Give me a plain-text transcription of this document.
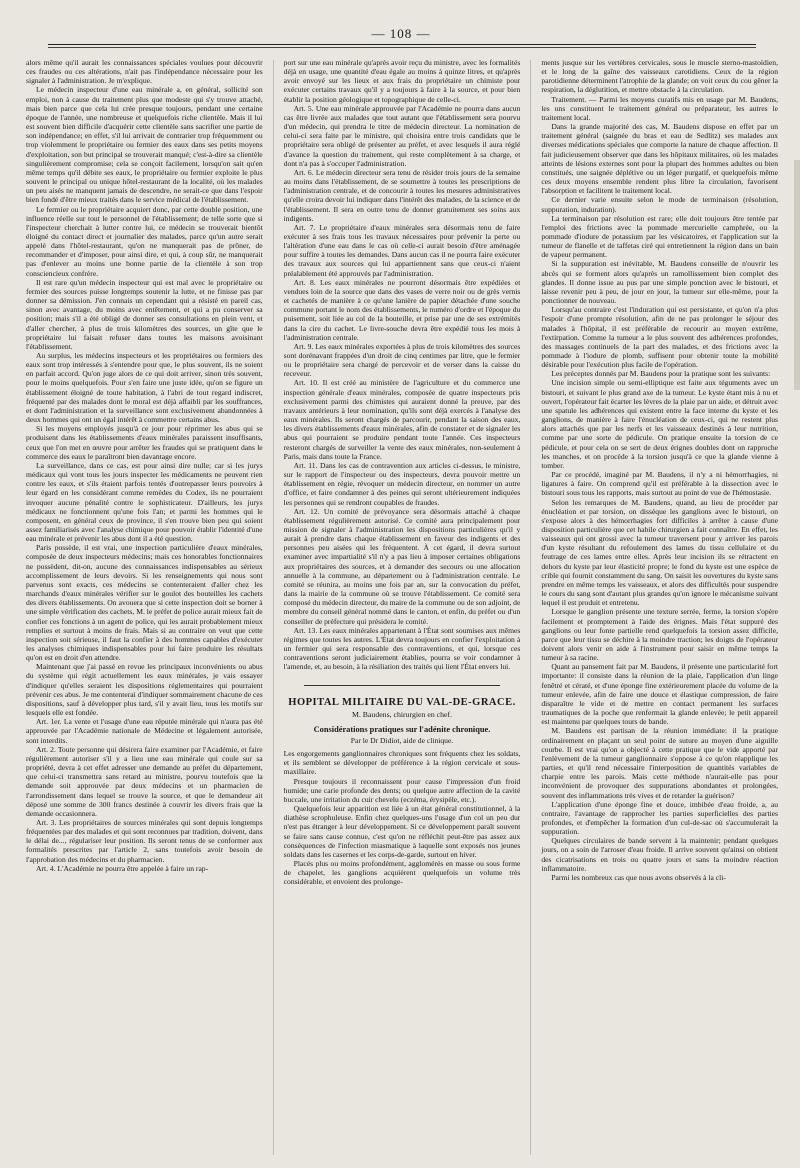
— 108 —

alors même qu'il aurait les connaissances spéciales voulues pour découvrir ces fraudes ou ces altérations, n'ait pas l'indépendance nécessaire pour les signaler à l'administration. Je m'explique.

Le médecin inspecteur d'une eau minérale a, en général, sollicité son emploi, non à cause du traitement plus que modeste qui s'y trouve attaché, mais bien parce que cela lui crée presque toujours, pendant une certaine époque de l'année, une nombreuse et quelquefois riche clientèle. Mais il lui est souvent bien difficile d'acquérir cette clientèle sans sacrifier une partie de son indépendance; en effet, s'il lui arrivait de contrarier trop fréquemment ou trop violemment le propriétaire ou fermier des eaux dans ses petits moyens d'exploitation, son but principal se trouverait manqué; c'est-à-dire sa clientèle singulièrement compromise; cela se conçoit facilement, lorsqu'on sait qu'en même temps qu'il débite ses eaux, le propriétaire ou fermier exploite le plus souvent le principal ou unique hôtel-restaurant de la localité, où les malades un peu aisés ne manquent jamais de descendre, ne serait-ce que dans l'espoir bien fondé d'être mieux traités dans le service médical de l'établissement.

Le fermier ou le propriétaire acquiert donc, par cette double position, une influence réelle sur tout le personnel de l'établissement; de telle sorte que si l'inspecteur cherchait à lutter contre lui, ce médecin se trouverait bientôt éloigné du contact direct et journalier des malades, parce qu'un autre serait appelé dans l'hôtel-restaurant, qu'on ne manquerait pas de prôner, de recommander et d'imposer, pour ainsi dire, et qui, à coup sûr, ne manquerait pas d'enlever au moins une bonne partie de la clientèle à son trop consciencieux confrère.

Il est rare qu'un médecin inspecteur qui est mal avec le propriétaire ou fermier des sources puisse longtemps soutenir la lutte, et ne finisse pas par donner sa démission. J'en connais un cependant qui a résisté en pareil cas, sinon avec avantage, du moins avec entêtement, et qui a pu conserver sa position; mais s'il a été obligé de donner ses consultations en plein vent, et d'aller chercher, à plus de trois kilomètres des sources, un gîte que le propriétaire lui faisait refuser dans toutes les maisons avoisinant l'établissement.

Au surplus, les médecins inspecteurs et les propriétaires ou fermiers des eaux sont trop intéressés à s'entendre pour que, le plus souvent, ils ne soient en parfait accord. Qu'on juge alors de ce qui doit arriver, sinon très souvent, pour le moins quelquefois. Pour s'en faire une juste idée, qu'on se figure un établissement éloigné de toute habitation, à l'abri de tout regard indiscret, fréquenté par des malades dont le moral est déjà affaibli par les souffrances, et dont l'administration et la surveillance sont exclusivement abandonnées à deux hommes qui ont un égal intérêt à commettre certains abus.

Si les moyens employés jusqu'à ce jour pour réprimer les abus qui se produisent dans les établissements d'eaux minérales paraissent insuffisants, ceux que l'on met en œuvre pour arrêter les fraudes qui se pratiquent dans le commerce des eaux le paraîtront bien davantage encore.

La surveillance, dans ce cas, est pour ainsi dire nulle; car si les jurys médicaux qui vont tous les jours inspecter les médicaments ne peuvent rien contre les eaux, et s'ils étaient parfois tentés d'outrepasser leurs pouvoirs à leur égard en les considérant comme remèdes du Codex, ils ne pourraient invoquer aucune pénalité contre le sophisticateur. D'ailleurs, les jurys médicaux ne fonctionnent qu'une fois l'an; et parmi les hommes qui le composent, en général ceux de province, il s'en trouve bien peu qui soient assez familiarisés avec l'analyse chimique pour pouvoir établir l'identité d'une eau minérale et prévenir les abus dont il a été question.

Paris possède, il est vrai, une inspection particulière d'eaux minérales, composée de deux inspecteurs médecins; mais ces honorables fonctionnaires ne possèdent, dit-on, aucune des connaissances indispensables au sérieux accomplissement de leurs devoirs. Si les renseignements qui nous sont parvenus sont exacts, ces médecins se contenteraient d'aller chez les marchands d'eaux minérales vérifier sur le goulot des bouteilles les cachets des divers établissements. On avouera que si cette inspection doit se borner à une simple vérification des cachets, M. le préfet de police aurait mieux fait de confier ces fonctions à un agent de police, qui les aurait probablement mieux remplies et surtout à moins de frais. Mais si au contraire on veut que cette inspection soit sérieuse, il faut la confier à des hommes capables d'exécuter les analyses chimiques indispensables pour lui faire produire les résultats qu'on est en droit d'en attendre.

Maintenant que j'ai passé en revue les principaux inconvénients ou abus du système qui régit actuellement les eaux minérales, je vais essayer d'indiquer qu'elles seraient les dispositions réglementaires qui pourraient prévenir ces abus. Je me contenterai d'indiquer sommairement chacune de ces dispositions, sauf à développer plus tard, s'il y avait lieu, tous les motifs sur lesquels elle est fondée.

Art. 1er. La vente et l'usage d'une eau réputée minérale qui n'aura pas été approuvée par l'Académie nationale de Médecine et légalement autorisée, sont interdits.

Art. 2. Toute personne qui désirera faire examiner par l'Académie, et faire régulièrement autoriser s'il y a lieu une eau minérale qui coule sur sa propriété, devra à cet effet adresser une demande au préfet du département, que celui-ci transmettra sans retard au ministre, pourvu toutefois que la demande soit approuvée par deux médecins et un pharmacien de l'arrondissement dans lequel se trouve la source, et que le demandeur ait déposé une somme de 300 francs destinée à couvrir les divers frais que la demande occasionnera.

Art. 3. Les propriétaires de sources minérales qui sont depuis longtemps fréquentées par des malades et qui sont reconnues par tradition, doivent, dans le délai de..., régulariser leur position. Ils seront tenus de se conformer aux formalités prescrites par l'article 2, sans toutefois avoir besoin de l'approbation des médecins et du pharmacien.

Art. 4. L'Académie ne pourra être appelée à faire un rap-

port sur une eau minérale qu'après avoir reçu du ministre, avec les formalités déjà en usage, une quantité d'eau égale au moins à quinze litres, et qu'après avoir envoyé sur les lieux et aux frais du propriétaire un chimiste pour exécuter certains travaux qu'il y a toujours à faire à la source, et pour bien établir la position géologique et topographique de celle-ci.

Art. 5. Une eau minérale approuvée par l'Académie ne pourra dans aucun cas être livrée aux malades que tout autant que l'établissement sera pourvu d'un médecin, qui prendra le titre de médecin directeur. La nomination de celui-ci sera faite par le ministre, qui choisira entre trois candidats que le propriétaire sera obligé de présenter au préfet, et avec lesquels il aura réglé d'avance la question du traitement, qui reste complètement à sa charge, et dont n'a pas à s'occuper l'administration.

Art. 6. Le médecin directeur sera tenu de résider trois jours de la semaine au moins dans l'établissement, de se soumettre à toutes les prescriptions de l'administration centrale, et de concourir à toutes les mesures administratives qu'elle croira devoir lui indiquer dans l'intérêt des malades, de la science et de l'établissement. Il sera en outre tenu de donner gratuitement ses soins aux indigents.

Art. 7. Le propriétaire d'eaux minérales sera désormais tenu de faire exécuter à ses frais tous les travaux nécessaires pour prévenir la perte ou l'altération d'une eau dans le cas où celle-ci aurait besoin d'être aménagée pour suffire à toutes les demandes. Dans aucun cas il ne pourra faire exécuter des travaux aux sources qui lui appartiennent sans que ceux-ci n'aient préalablement été approuvés par l'administration.

Art. 8. Les eaux minérales ne pourront désormais être expédiées et vendues loin de la source que dans des vases de verre noir ou de grès vernis et cachetés de manière à ce qu'une lanière de papier détachée d'une souche commune portant le nom des établissements, le numéro d'ordre et l'époque du puisement, soit liée au col de la bouteille, et prise par une de ses extrémités dans la cire du cachet. Le livre-souche devra être expédié tous les mois à l'administration centrale.

Art. 9. Les eaux minérales exportées à plus de trois kilomètres des sources sont dorénavant frappées d'un droit de cinq centimes par litre, que le fermier ou le propriétaire sera chargé de percevoir et de verser dans la caisse du receveur.

Art. 10. Il est créé au ministère de l'agriculture et du commerce une inspection générale d'eaux minérales, composée de quatre inspecteurs pris exclusivement parmi des chimistes qui auraient donné la preuve, par des travaux antérieurs à leur nomination, qu'ils sont déjà exercés à l'analyse des eaux minérales. Ils seront chargés de parcourir, pendant la saison des eaux, les divers établissements d'eaux minérales, afin de constater et de signaler les abus qui pourraient se produire pendant toute l'année. Ces inspecteurs resteront chargés de surveiller la vente des eaux minérales, non-seulement à Paris, mais dans toute la France.

Art. 11. Dans les cas de contravention aux articles ci-dessus, le ministre, sur le rapport de l'inspecteur ou des inspecteurs, devra pouvoir mettre un établissement en régie, révoquer un médecin directeur, en nommer un autre d'office, et faire condamner à des peines qui seront ultérieurement indiquées les personnes qui se rendront coupables de fraudes.

Art. 12. Un comité de prévoyance sera désormais attaché à chaque établissement régulièrement autorisé. Ce comité aura principalement pour mission de signaler à l'administration les dispositions particulières qu'il y aurait à prendre dans chaque établissement en faveur des indigents et des personnes peu aisées qui les fréquentent. À cet égard, il devra surtout examiner avec impartialité s'il n'y a pas lieu à imposer certaines obligations aux propriétaires des sources, et à demander des secours ou une allocation annuelle à la commune, au département ou à l'administration centrale. Le comité se réunira, au moins une fois par an, sur la convocation du préfet, dans la mairie de la commune où se trouve l'établissement. Ce comité sera composé du médecin directeur, du maire de la commune ou de son adjoint, de membre du conseil général nommé dans le canton, et enfin, du préfet ou d'un conseiller de préfecture qui présidera le comité.

Art. 13. Les eaux minérales appartenant à l'État sont soumises aux mêmes régimes que toutes les autres. L'État devra toujours en confier l'exploitation à un fermier qui sera responsable des contraventions, et qui, lorsque ces contraventions seront judiciairement établies, pourra se voir condamner à l'amende, et, au besoin, à la résiliation des traités qui lient l'État envers lui.

HOPITAL MILITAIRE DU VAL-DE-GRACE.
M. Baudens, chirurgien en chef.
Considérations pratiques sur l'adénite chronique.
Par le Dr Didiot, aide de clinique.

Les engorgements ganglionnaires chroniques sont fréquents chez les soldats, et ils semblent se développer de préférence à la région cervicale et sous-maxillaire.

Presque toujours il reconnaissent pour cause l'impression d'un froid humide; une carie profonde des dents; ou quelque autre affection de la cavité buccale, une irritation du cuir chevelu (eczéma, érysipèle, etc.).

Quelquefois leur apparition est liée à un état général constitutionnel, à la diathèse scrophuleuse. Enfin chez quelques-uns l'usage d'un col un peu dur n'est pas étranger à leur développement. Si ce développement paraît souvent se faire sans cause connue, c'est qu'on ne réfléchit peut-être pas assez aux conséquences de l'infection miasmatique à laquelle sont exposés nos jeunes soldats dans les casernes et les corps-de-garde, surtout en hiver.

Placés plus ou moins profondément, agglomérés en masse ou sous forme de chapelet, les ganglions acquièrent quelquefois un volume très considérable, et envoient des prolonge-

ments jusque sur les vertèbres cervicales, sous le muscle sterno-mastoïdien, et le long de la gaîne des vaisseaux carotidiens. Ceux de la région parotidienne déterminent l'atrophie de la glande; on voit ceux du cou gêner la respiration, la déglutition, et mettre obstacle à la circulation.

Traitement. — Parmi les moyens curatifs mis en usage par M. Baudens, les uns constituent le traitement général ou préparateur, les autres le traitement local.

Dans la grande majorité des cas, M. Baudens dispose en effet par un traitement général (saignée du bras et eau de Sedlitz) ses malades aux diverses médications spéciales que comporte la nature de chaque affection. Il fait judicieusement observer que dans les hôpitaux militaires, où les malades atteints de lésions externes sont pour la plupart des hommes adultes ou bien constitués, une saignée déplétive ou un léger purgatif, et quelquefois même ces deux moyens ensemble rendent plus libre la circulation, favorisent l'absorption et facilitent le traitement local.

Ce dernier varie ensuite selon le mode de terminaison (résolution, suppuration, induration).

La terminaison par résolution est rare; elle doit toujours être tentée par l'emploi des frictions avec la pommade mercurielle camphrée, ou la pommade d'iodure de potassium par les vésicatoires, et l'application sur la tumeur de flanelle et de taffetas ciré qui entretiennent la région dans un bain de vapeur permanent.

Si la suppuration est inévitable, M. Baudens conseille de n'ouvrir les abcès qui se forment alors qu'après un ramollissement bien complet des glandes. Il donne issue au pus par une simple ponction avec le bistouri, et laisse revenir peu à peu, de jour en jour, la tumeur sur elle-même, pour la ponctionner de nouveau.

Lorsqu'au contraire c'est l'induration qui est persistante, et qu'on n'a plus l'espoir d'une prompte résolution, afin de ne pas prolonger le séjour des malades à l'hôpital, il est préférable de recourir au moyen extrême, l'extirpation. Comme la tumeur a le plus souvent des adhérences profondes, des massages continuels de la part des malades, et des frictions avec la pommade à l'iodure de plomb, suffisent pour obtenir toute la mobilité désirable pour l'exécution plus facile de l'opération.

Les préceptes donnés par M. Baudens pour la pratique sont les suivants:

Une incision simple ou semi-elliptique est faite aux téguments avec un bistouri, et suivant le plus grand axe de la tumeur. Le kyste étant mis à nu et ouvert, l'opérateur fait écarter les lèvres de la plaie par un aide, et détruit avec une spatule les adhérences qui existent entre la face interne du kyste et les ganglions, de manière à faire l'énucléation de ceux-ci, qui ne restent plus alors attachés que par les nerfs et les vaisseaux destinés à leur nutrition, comme par une sorte de pédicule. On pratique ensuite la torsion de ce pédicule, et pour cela on se sert de deux érignes doubles dont on rapproche les manches, et on procède à la torsion jusqu'à ce que la glande vienne à tomber.

Par ce procédé, imaginé par M. Baudens, il n'y a ni hémorrhagies, ni ligatures à faire. On comprend qu'il est préférable à la dissection avec le bistouri sous tous les rapports, mais surtout au point de vue de l'hémostasie.

Selon les remarques de M. Baudens, quand, au lieu de procéder par énucléation et par torsion, on dissèque les ganglions avec le bistouri, on s'expose alors à des hémorrhagies fort difficiles à arrêter à cause d'une disposition particulière que cet habile chirurgien a fait connaître. En effet, les vaisseaux qui ont grossi avec la tumeur traversent pour y arriver les parois d'un kyste résultant du refoulement des lames du tissu cellulaire et du feutrage de ces lames entre elles. Après leur incision ils se rétractent en dehors du kyste par leur élasticité propre; le fond du kyste est une espèce de crible qui fournit constamment du sang. On saisit les ouvertures du kyste sans prendre en même temps les vaisseaux, et alors des difficultés pour suspendre le cours du sang sont d'autant plus grandes qu'on ignore le mécanisme suivant lequel il est produit et entretenu.

Lorsque le ganglion présente une texture serrée, ferme, la torsion s'opère facilement et promptement à l'aide des érignes. Mais l'état suppuré des ganglions ou leur fonte partielle rend quelquefois la torsion assez difficile, parce que leur tissu se déchire à la moindre traction; les doigts de l'opérateur doivent alors venir en aide à l'instrument pour saisir en même temps la tumeur à sa racine.

Quant au pansement fait par M. Baudens, il présente une particularité fort importante: il consiste dans la réunion de la plaie, l'application d'un linge fenêtré et cératé, et d'une éponge fine extérieurement placée du volume de la tumeur enlevée, afin de faire une douce et élastique compression, de faire disparaître le vide et de mettre en contact permanent les surfaces traumatiques de la poche que renfermait la glande enlevée; le petit appareil est maintenu par quelques tours de bande.

M. Baudens est partisan de la réunion immédiate: il la pratique ordinairement en plaçant un seul point de suture au moyen d'une aiguille courbe. Il est vrai qu'on a objecté à cette pratique que le vide apporté par l'enlèvement de la tumeur ganglionnaire s'oppose à ce qu'on réapplique les parties, et qu'il rend nécessaire l'interposition de quantités variables de charpie entre les parois. Mais cette méthode n'aurait-elle pas pour inconvénient de provoquer des suppurations abondantes et prolongées, souvent des inflammations très vives et de retarder la guérison?

L'application d'une éponge fine et douce, imbibée d'eau froide, a, au contraire, l'avantage de rapprocher les parties superficielles des parties profondes, et d'empêcher la formation d'un cul-de-sac où s'accumulerait la suppuration.

Quelques circulaires de bande servent à la maintenir; pendant quelques jours, on a soin de l'arroser d'eau froide. Il arrive souvent qu'ainsi on obtient des cicatrisations en trois ou quatre jours et sans la moindre réaction inflammatoire.

Parmi les nombreux cas que nous avons observés à la cli-
